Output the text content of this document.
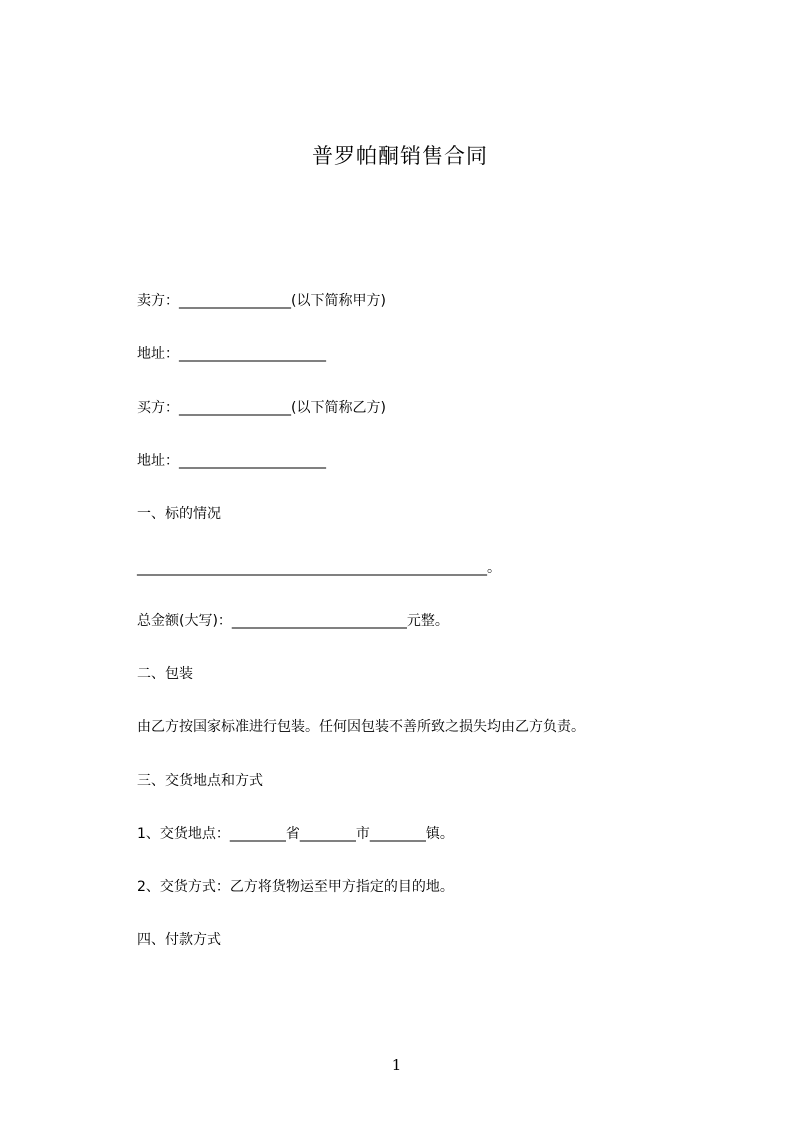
普罗帕酮销售合同
卖方：________________(以下简称甲方)
地址：_____________________
买方：________________(以下简称乙方)
地址：_____________________
一、标的情况
__________________________________________________。
总金额(大写)：_________________________元整。
二、包装
由乙方按国家标准进行包装。任何因包装不善所致之损失均由乙方负责。
三、交货地点和方式
1、交货地点：________省________市________镇。
2、交货方式：乙方将货物运至甲方指定的目的地。
四、付款方式
1
